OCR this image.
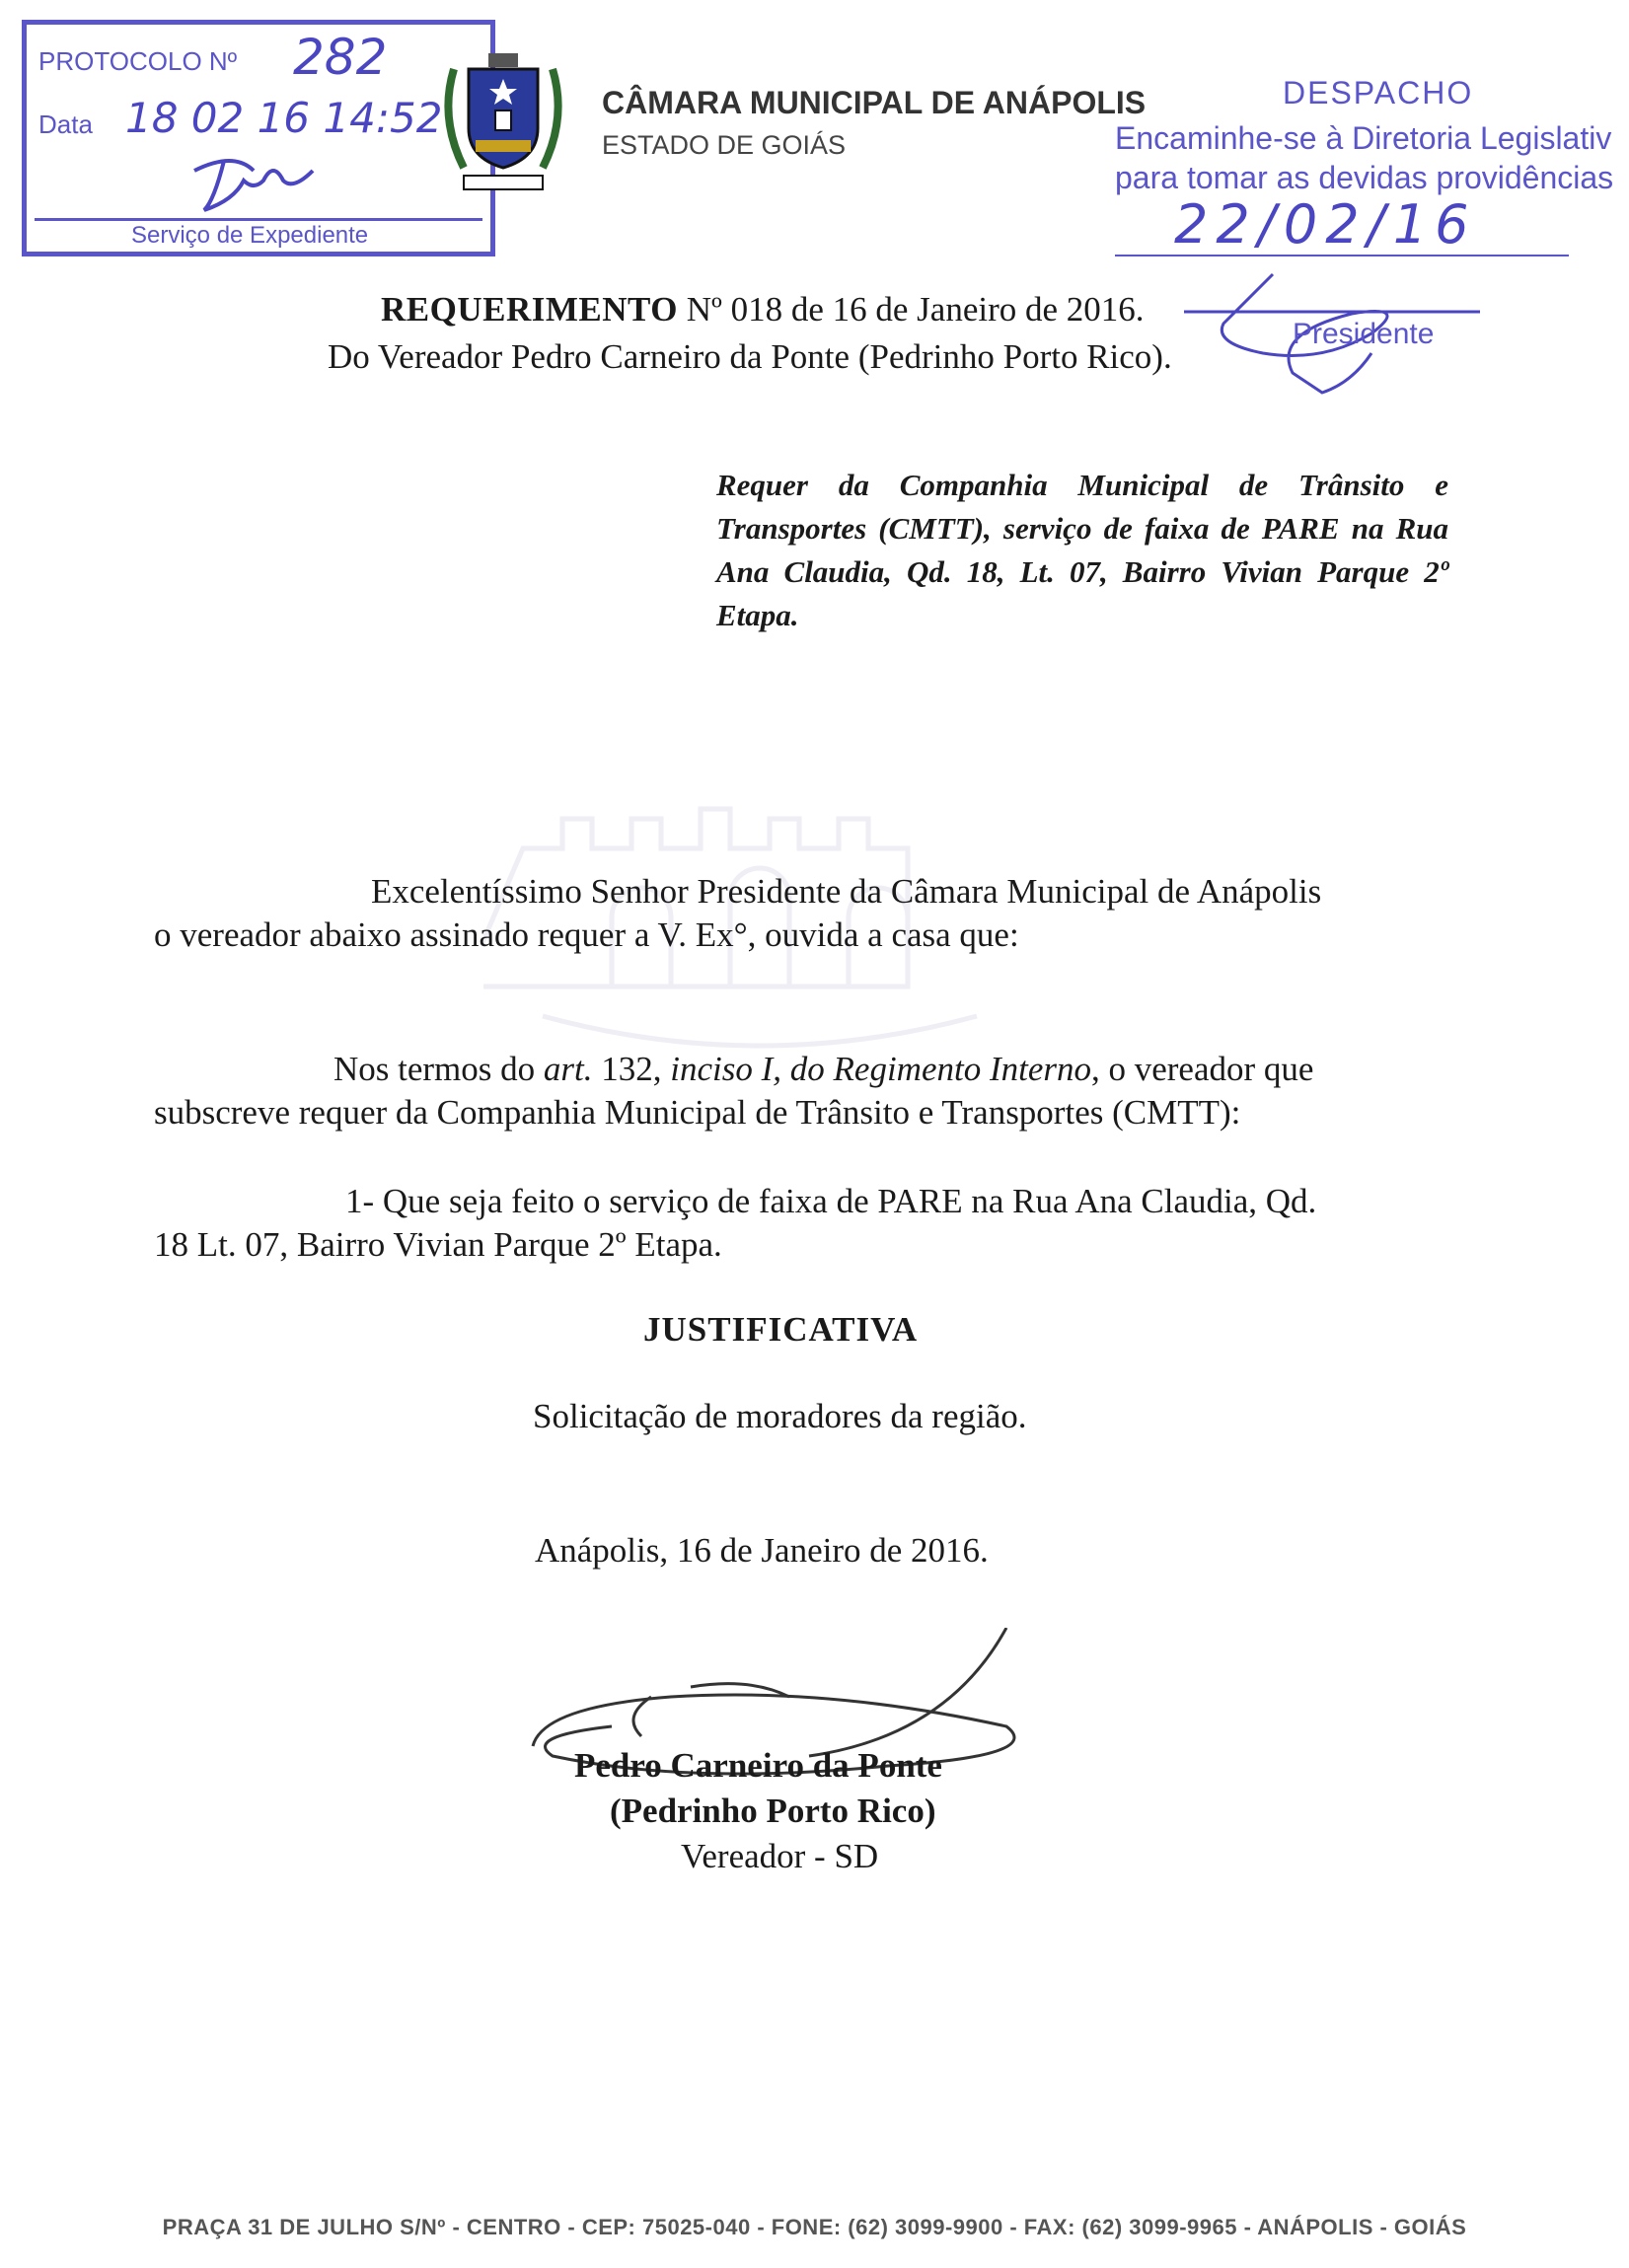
PROTOCOLO Nº 282
Data 18 02 16 14:52
Serviço de Expediente
CÂMARA MUNICIPAL DE ANÁPOLIS
ESTADO DE GOIÁS
DESPACHO
Encaminhe-se à Diretoria Legislativ
para tomar as devidas providências
22/02/16
Presidente
REQUERIMENTO Nº 018 de 16 de Janeiro de 2016.
Do Vereador Pedro Carneiro da Ponte (Pedrinho Porto Rico).
Requer da Companhia Municipal de Trânsito e Transportes (CMTT), serviço de faixa de PARE na Rua Ana Claudia, Qd. 18, Lt. 07, Bairro Vivian Parque 2º Etapa.
Excelentíssimo Senhor Presidente da Câmara Municipal de Anápolis
o vereador abaixo assinado requer a V. Ex°, ouvida a casa que:
Nos termos do art. 132, inciso I, do Regimento Interno, o vereador que
subscreve requer da Companhia Municipal de Trânsito e Transportes (CMTT):
1- Que seja feito o serviço de faixa de PARE na Rua Ana Claudia, Qd.
18 Lt. 07, Bairro Vivian Parque 2º Etapa.
JUSTIFICATIVA
Solicitação de moradores da região.
Anápolis, 16 de Janeiro de 2016.
Pedro Carneiro da Ponte
(Pedrinho Porto Rico)
Vereador - SD
PRAÇA 31 DE JULHO S/Nº - CENTRO - CEP: 75025-040 - FONE: (62) 3099-9900 - FAX: (62) 3099-9965 - ANÁPOLIS - GOIÁS
